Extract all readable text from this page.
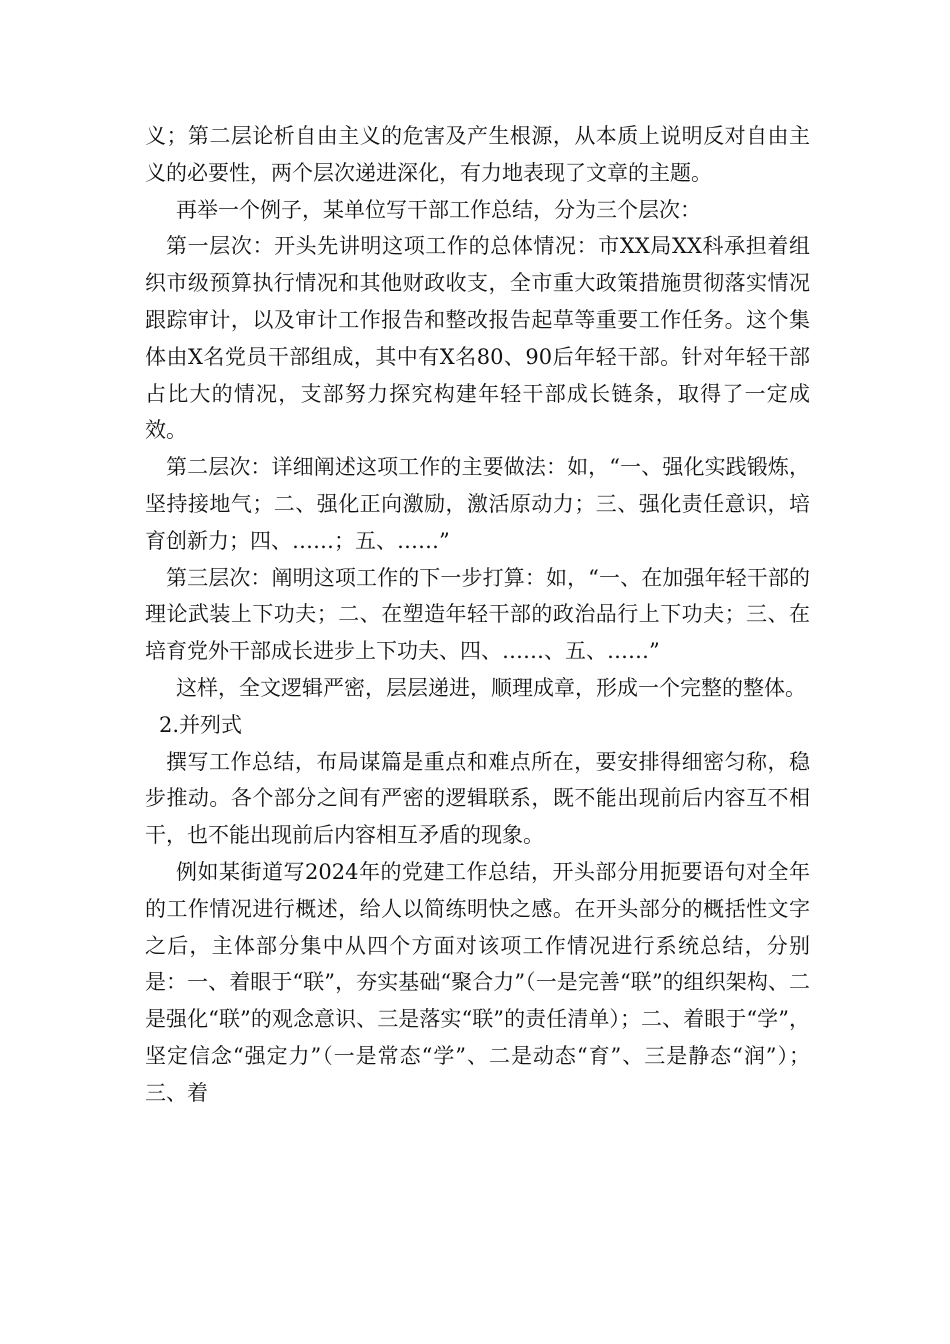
义；第二层论析自由主义的危害及产生根源，从本质上说明反对自由主义的必要性，两个层次递进深化，有力地表现了文章的主题。

再举一个例子，某单位写干部工作总结，分为三个层次：

第一层次：开头先讲明这项工作的总体情况：市XX局XX科承担着组织市级预算执行情况和其他财政收支，全市重大政策措施贯彻落实情况跟踪审计，以及审计工作报告和整改报告起草等重要工作任务。这个集体由X名党员干部组成，其中有X名80、90后年轻干部。针对年轻干部占比大的情况，支部努力探究构建年轻干部成长链条，取得了一定成效。

第二层次：详细阐述这项工作的主要做法：如，“一、强化实践锻炼，坚持接地气；二、强化正向激励，激活原动力；三、强化责任意识，培育创新力；四、……；五、……”

第三层次：阐明这项工作的下一步打算：如，“一、在加强年轻干部的理论武装上下功夫；二、在塑造年轻干部的政治品行上下功夫；三、在培育党外干部成长进步上下功夫、四、……、五、……”

这样，全文逻辑严密，层层递进，顺理成章，形成一个完整的整体。

2.并列式

撰写工作总结，布局谋篇是重点和难点所在，要安排得细密匀称，稳步推动。各个部分之间有严密的逻辑联系，既不能出现前后内容互不相干，也不能出现前后内容相互矛盾的现象。

例如某街道写2024年的党建工作总结，开头部分用扼要语句对全年的工作情况进行概述，给人以简练明快之感。在开头部分的概括性文字之后，主体部分集中从四个方面对该项工作情况进行系统总结，分别是：一、着眼于“联”，夯实基础“聚合力”（一是完善“联”的组织架构、二是强化“联”的观念意识、三是落实“联”的责任清单）；二、着眼于“学”，坚定信念“强定力”（一是常态“学”、二是动态“育”、三是静态“润”）；三、着
